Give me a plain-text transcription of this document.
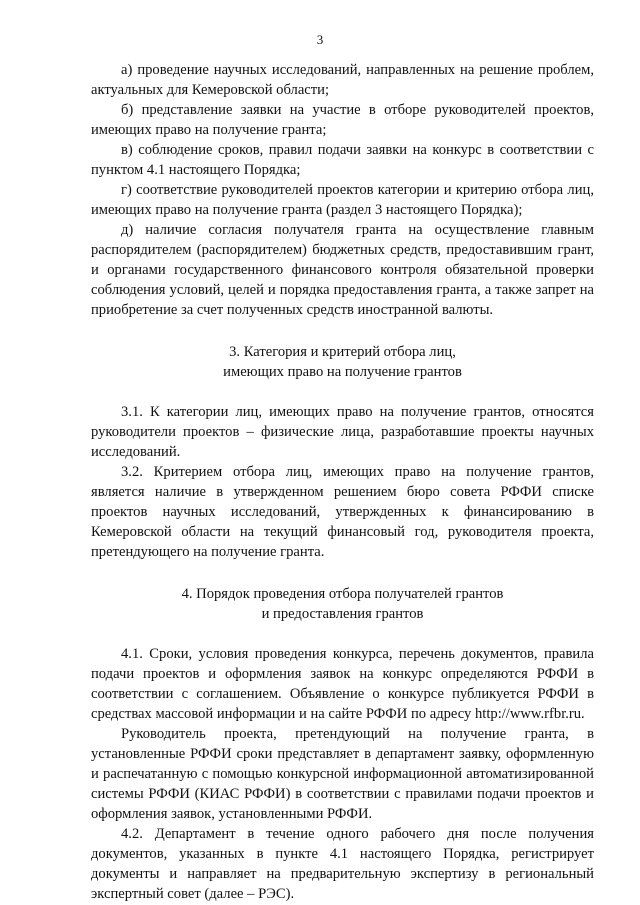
3

а) проведение научных исследований, направленных на решение проблем, актуальных для Кемеровской области;

б) представление заявки на участие в отборе руководителей проектов, имеющих право на получение гранта;

в) соблюдение сроков, правил подачи заявки на конкурс в соответствии с пунктом 4.1 настоящего Порядка;

г) соответствие руководителей проектов категории и критерию отбора лиц, имеющих право на получение гранта (раздел 3 настоящего Порядка);

д) наличие согласия получателя гранта на осуществление главным распорядителем (распорядителем) бюджетных средств, предоставившим грант, и органами государственного финансового контроля обязательной проверки соблюдения условий, целей и порядка предоставления гранта, а также запрет на приобретение за счет полученных средств иностранной валюты.

3. Категория и критерий отбора лиц,

имеющих право на получение грантов

3.1. К категории лиц, имеющих право на получение грантов, относятся руководители проектов – физические лица, разработавшие проекты научных исследований.

3.2. Критерием отбора лиц, имеющих право на получение грантов, является наличие в утвержденном решением бюро совета РФФИ списке проектов научных исследований, утвержденных к финансированию в Кемеровской области на текущий финансовый год, руководителя проекта, претендующего на получение гранта.

4. Порядок проведения отбора получателей грантов

и предоставления грантов

4.1. Сроки, условия проведения конкурса, перечень документов, правила подачи проектов и оформления заявок на конкурс определяются РФФИ в соответствии с соглашением. Объявление о конкурсе публикуется РФФИ в средствах массовой информации и на сайте РФФИ по адресу http://www.rfbr.ru.

Руководитель проекта, претендующий на получение гранта, в установленные РФФИ сроки представляет в департамент заявку, оформленную и распечатанную с помощью конкурсной информационной автоматизированной системы РФФИ (КИАС РФФИ) в соответствии с правилами подачи проектов и оформления заявок, установленными РФФИ.

4.2. Департамент в течение одного рабочего дня после получения документов, указанных в пункте 4.1 настоящего Порядка, регистрирует документы и направляет на предварительную экспертизу в региональный экспертный совет (далее – РЭС).
